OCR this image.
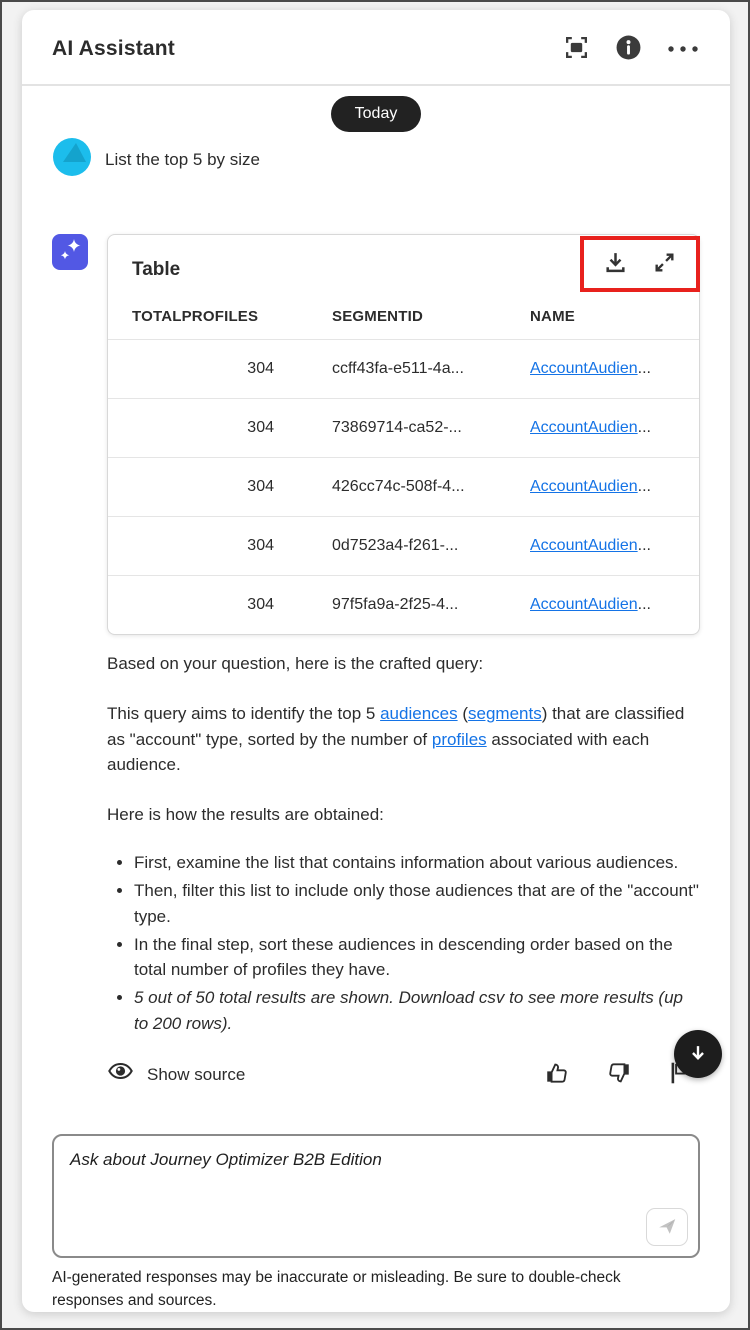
AI Assistant
Today
List the top 5 by size
Table
TOTALPROFILES	SEGMENTID	NAME
304	ccff43fa-e511-4a...	AccountAudien...
304	73869714-ca52-...	AccountAudien...
304	426cc74c-508f-4...	AccountAudien...
304	0d7523a4-f261-...	AccountAudien...
304	97f5fa9a-2f25-4...	AccountAudien...

Based on your question, here is the crafted query:

This query aims to identify the top 5 audiences (segments) that are classified as "account" type, sorted by the number of profiles associated with each audience.

Here is how the results are obtained:

• First, examine the list that contains information about various audiences.
• Then, filter this list to include only those audiences that are of the "account" type.
• In the final step, sort these audiences in descending order based on the total number of profiles they have.
• 5 out of 50 total results are shown. Download csv to see more results (up to 200 rows).
Show source
Ask about Journey Optimizer B2B Edition
AI-generated responses may be inaccurate or misleading. Be sure to double-check responses and sources.
